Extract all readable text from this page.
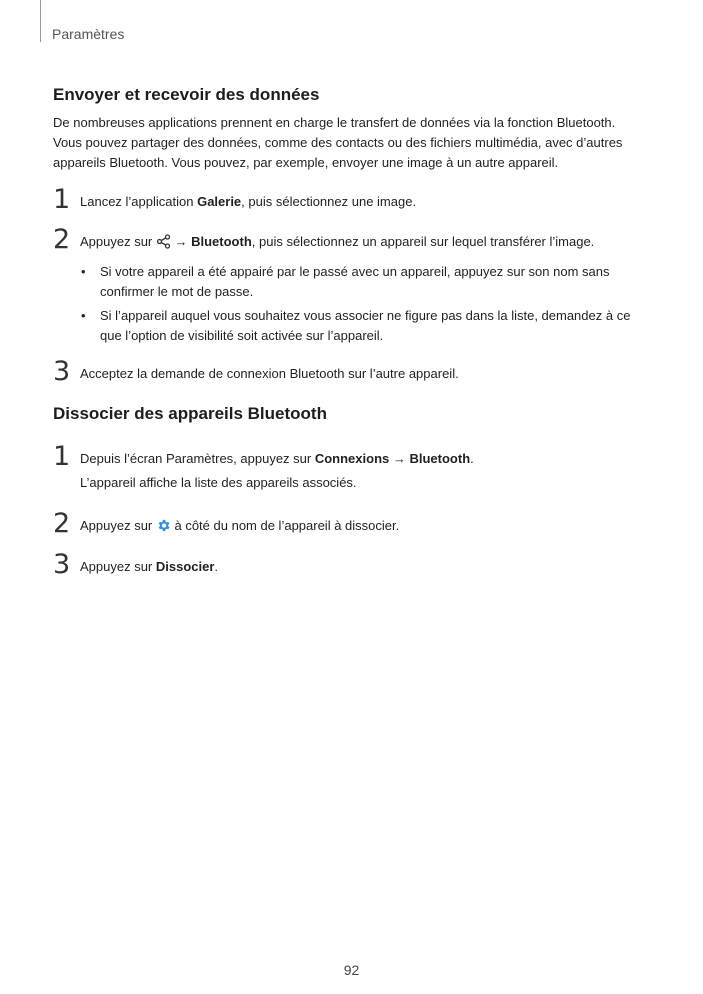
Paramètres
Envoyer et recevoir des données
De nombreuses applications prennent en charge le transfert de données via la fonction Bluetooth.
Vous pouvez partager des données, comme des contacts ou des fichiers multimédia, avec d’autres
appareils Bluetooth. Vous pouvez, par exemple, envoyer une image à un autre appareil.
1 Lancez l’application Galerie, puis sélectionnez une image.
2 Appuyez sur  → Bluetooth, puis sélectionnez un appareil sur lequel transférer l’image.
• Si votre appareil a été appairé par le passé avec un appareil, appuyez sur son nom sans
confirmer le mot de passe.
• Si l’appareil auquel vous souhaitez vous associer ne figure pas dans la liste, demandez à ce
que l’option de visibilité soit activée sur l’appareil.
3 Acceptez la demande de connexion Bluetooth sur l’autre appareil.
Dissocier des appareils Bluetooth
1 Depuis l’écran Paramètres, appuyez sur Connexions → Bluetooth.
L’appareil affiche la liste des appareils associés.
2 Appuyez sur  à côté du nom de l’appareil à dissocier.
3 Appuyez sur Dissocier.
92
